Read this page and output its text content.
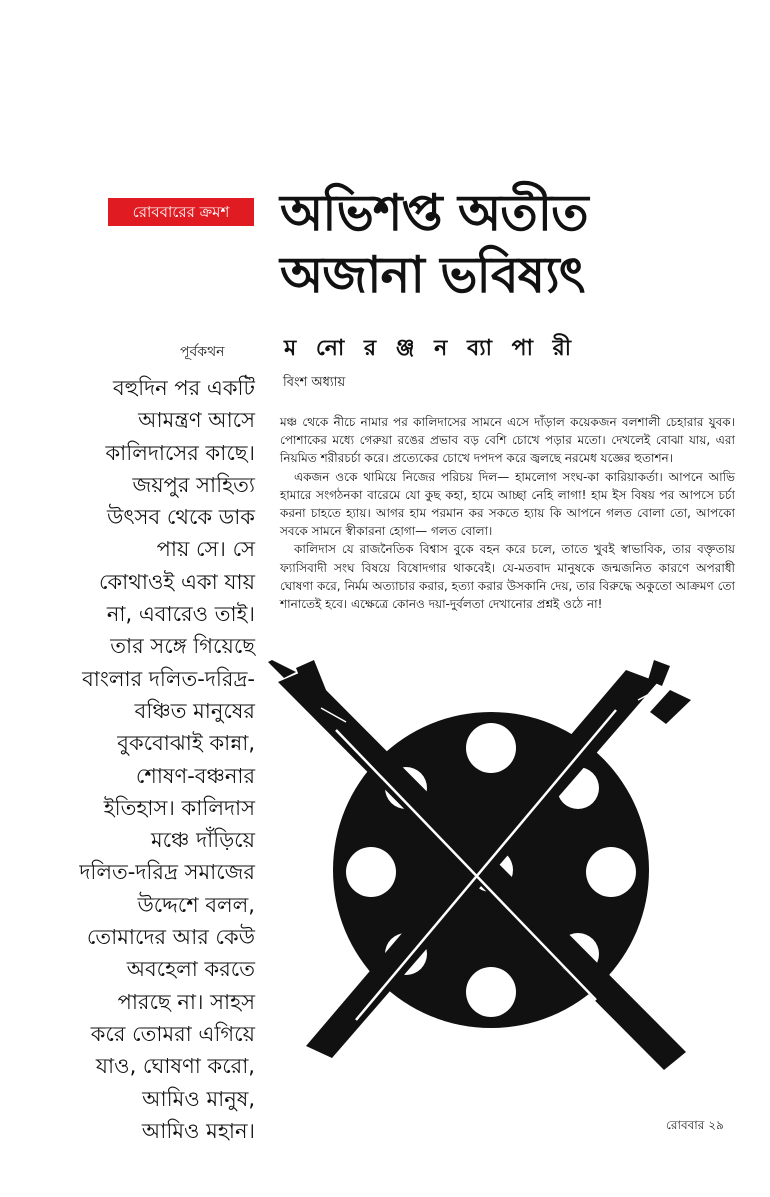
রোববারের ক্রমশ	অভিশপ্ত অতীত
অজানা ভবিষ্যৎ
পূর্বকথন	ম নো র ঞ্জ ন ব্যা পা রী

বহুদিন পর একটি
আমন্ত্রণ আসে
কালিদাসের কাছে।
জয়পুর সাহিত্য
উৎসব থেকে ডাক
পায় সে। সে
কোথাওই একা যায়
না, এবারেও তাই।
তার সঙ্গে গিয়েছে
বাংলার দলিত-দরিদ্র-
বঞ্চিত মানুষের
বুকবোঝাই কান্না,
শোষণ-বঞ্চনার
ইতিহাস। কালিদাস
মঞ্চে দাঁড়িয়ে
দলিত-দরিদ্র সমাজের
উদ্দেশে বলল,
তোমাদের আর কেউ
অবহেলা করতে
পারছে না। সাহস
করে তোমরা এগিয়ে
যাও, ঘোষণা করো,
আমিও মানুষ,
আমিও মহান।

বিংশ অধ্যায়

মঞ্চ থেকে নীচে নামার পর কালিদাসের সামনে এসে দাঁড়াল কয়েকজন বলশালী চেহারার যুবক। পোশাকের মধ্যে গেরুয়া রঙের প্রভাব বড় বেশি চোখে পড়ার মতো। দেখলেই বোঝা যায়, এরা নিয়মিত শরীরচর্চা করে। প্রত্যেকের চোখে দপদপ করে জ্বলছে নরমেধ যজ্ঞের হুতাশন।

একজন ওকে থামিয়ে নিজের পরিচয় দিল— হামলোগ সংঘ-কা কারিয়াকর্তা। আপনে আভি হামারে সংগঠনকা বারেমে যো কুছ কহা, হামে আচ্ছা নেহি লাগা! হাম ইস বিষয় পর আপসে চর্চা করনা চাহতে হ্যায়। আগর হাম পরমান কর সকতে হ্যায় কি আপনে গলত বোলা তো, আপকো সবকে সামনে স্বীকারনা হোগা— গলত বোলা।

কালিদাস যে রাজনৈতিক বিশ্বাস বুকে বহন করে চলে, তাতে খুবই স্বাভাবিক, তার বক্তৃতায় ফ্যাসিবাদী সংঘ বিষয়ে বিষোদগার থাকবেই। যে-মতবাদ মানুষকে জন্মজনিত কারণে অপরাধী ঘোষণা করে, নির্মম অত্যাচার করার, হত্যা করার উসকানি দেয়, তার বিরুদ্ধে অকুতো আক্রমণ তো শানাতেই হবে। এক্ষেত্রে কোনও দয়া-দুর্বলতা দেখানোর প্রশ্নই ওঠে না!

রোববার ২৯
